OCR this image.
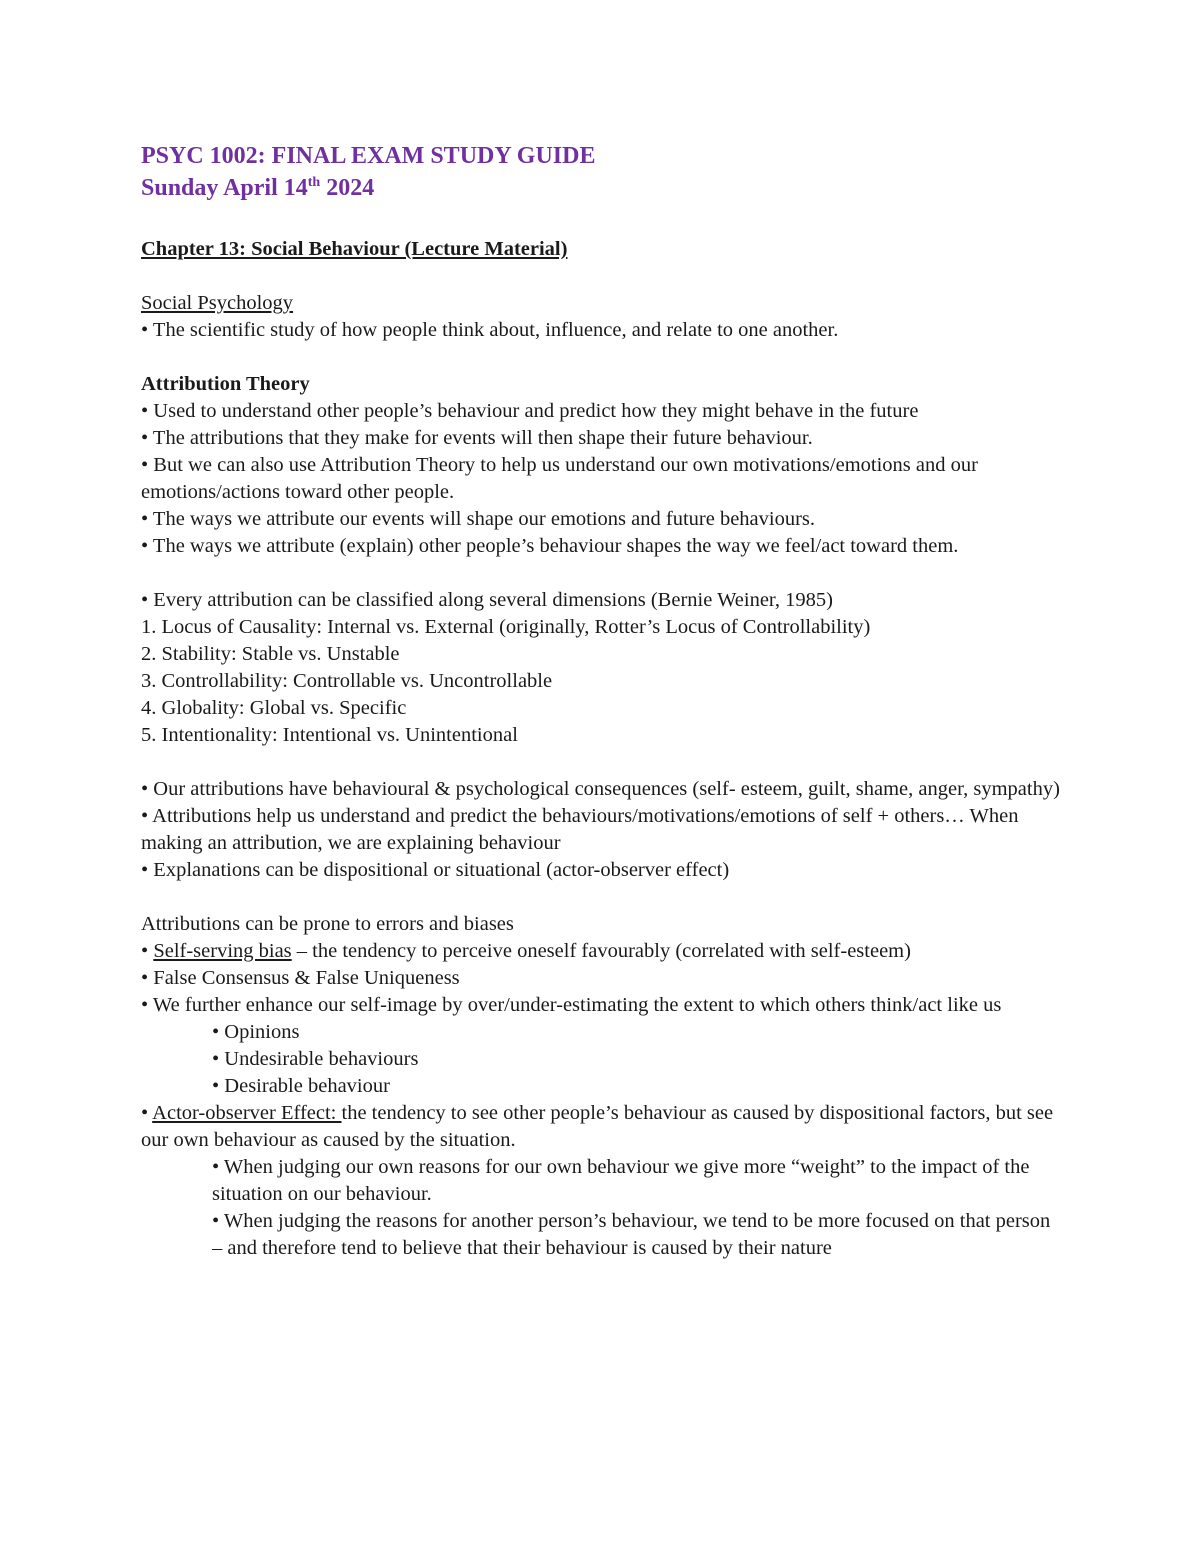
PSYC 1002: FINAL EXAM STUDY GUIDE
Sunday April 14th 2024
Chapter 13: Social Behaviour (Lecture Material)
Social Psychology
• The scientific study of how people think about, influence, and relate to one another.
Attribution Theory
• Used to understand other people’s behaviour and predict how they might behave in the future
• The attributions that they make for events will then shape their future behaviour.
• But we can also use Attribution Theory to help us understand our own motivations/emotions and our emotions/actions toward other people.
• The ways we attribute our events will shape our emotions and future behaviours.
• The ways we attribute (explain) other people’s behaviour shapes the way we feel/act toward them.
• Every attribution can be classified along several dimensions (Bernie Weiner, 1985)
1. Locus of Causality: Internal vs. External (originally, Rotter’s Locus of Controllability)
2. Stability: Stable vs. Unstable
3. Controllability: Controllable vs. Uncontrollable
4. Globality: Global vs. Specific
5. Intentionality: Intentional vs. Unintentional
• Our attributions have behavioural & psychological consequences (self- esteem, guilt, shame, anger, sympathy)
• Attributions help us understand and predict the behaviours/motivations/emotions of self + others… When making an attribution, we are explaining behaviour
• Explanations can be dispositional or situational (actor-observer effect)
Attributions can be prone to errors and biases
• Self-serving bias – the tendency to perceive oneself favourably (correlated with self-esteem)
• False Consensus & False Uniqueness
• We further enhance our self-image by over/under-estimating the extent to which others think/act like us
• Opinions
• Undesirable behaviours
• Desirable behaviour
• Actor-observer Effect: the tendency to see other people’s behaviour as caused by dispositional factors, but see our own behaviour as caused by the situation.
• When judging our own reasons for our own behaviour we give more “weight” to the impact of the situation on our behaviour.
• When judging the reasons for another person’s behaviour, we tend to be more focused on that person – and therefore tend to believe that their behaviour is caused by their nature
